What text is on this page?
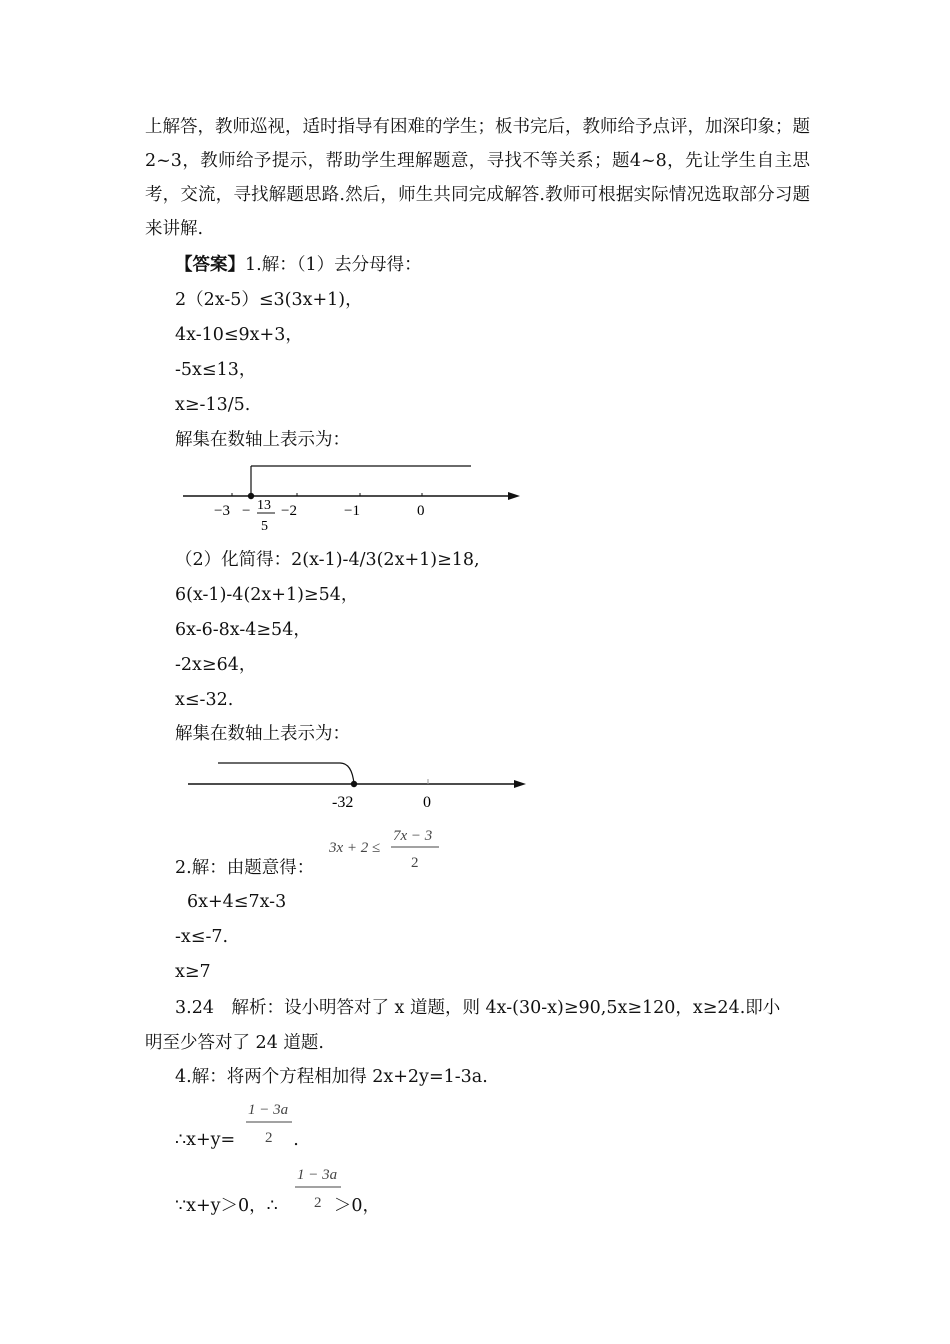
上解答，教师巡视，适时指导有困难的学生；板书完后，教师给予点评，加深印象；题2~3，教师给予提示，帮助学生理解题意，寻找不等关系；题4~8，先让学生自主思考，交流，寻找解题思路.然后，师生共同完成解答.教师可根据实际情况选取部分习题来讲解.
【答案】1.解：（1）去分母得：
2（2x-5）≤3(3x+1)，
4x-10≤9x+3，
-5x≤13，
x≥-13/5.
解集在数轴上表示为：
−3 − 13
5
−2	−1	0
（2）化简得：2(x-1)-4/3(2x+1)≥18,
6(x-1)-4(2x+1)≥54，
6x-6-8x-4≥54，
-2x≥64，
x≤-32.
解集在数轴上表示为：
-32	0
2.解：由题意得：
3x + 2 ≤
7x − 3
2
6x+4≤7x-3
-x≤-7.
x≥7
3.24　解析：设小明答对了 x 道题，则 4x-(30-x)≥90,5x≥120，x≥24.即小
明至少答对了 24 道题.
4.解：将两个方程相加得 2x+2y=1-3a.
∴x+y=	.
1 − 3a
2
∵x+y＞0，∴	＞0，
1 − 3a
2
